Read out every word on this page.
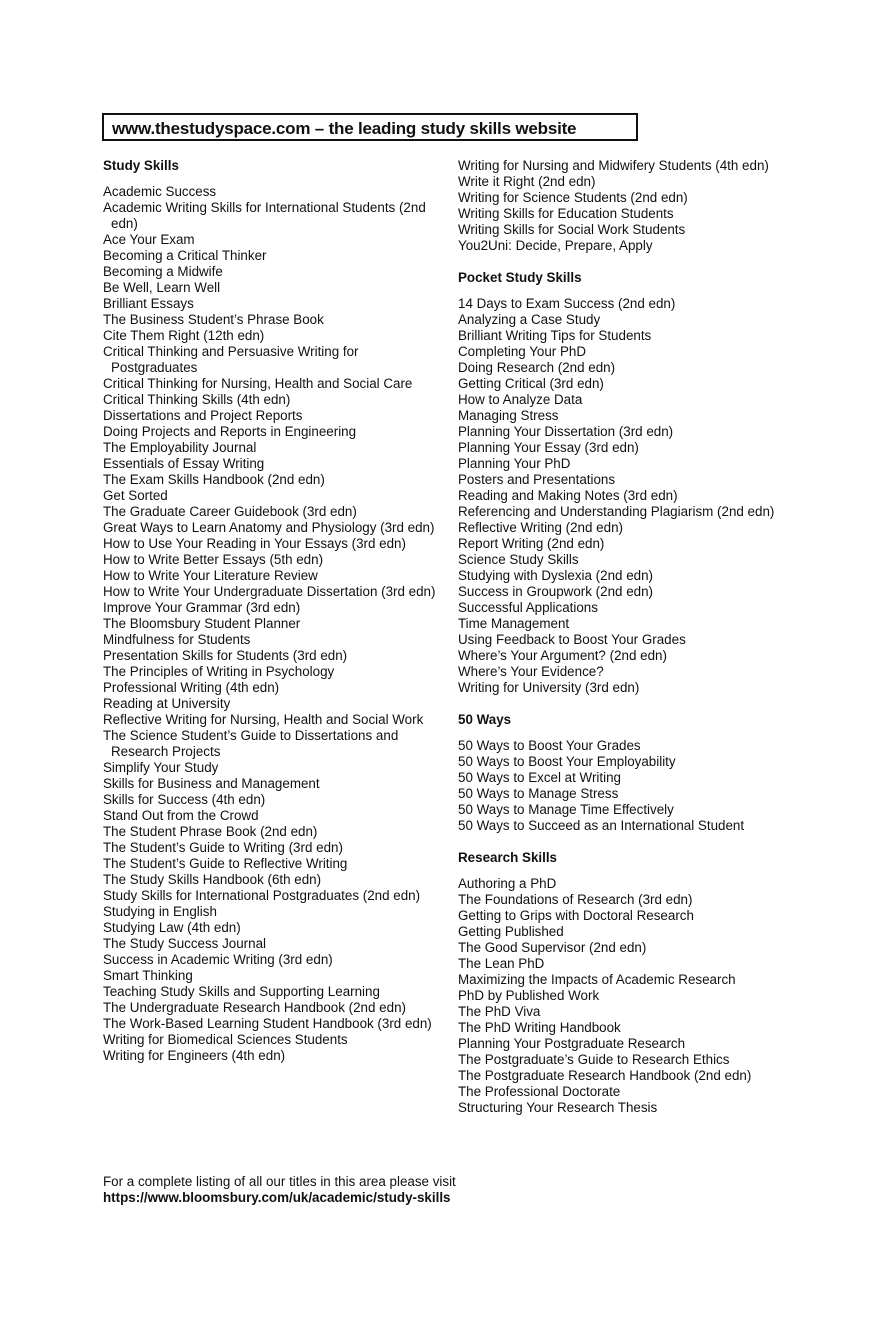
www.thestudyspace.com – the leading study skills website
Study Skills
Academic Success
Academic Writing Skills for International Students (2nd edn)
Ace Your Exam
Becoming a Critical Thinker
Becoming a Midwife
Be Well, Learn Well
Brilliant Essays
The Business Student’s Phrase Book
Cite Them Right (12th edn)
Critical Thinking and Persuasive Writing for Postgraduates
Critical Thinking for Nursing, Health and Social Care
Critical Thinking Skills (4th edn)
Dissertations and Project Reports
Doing Projects and Reports in Engineering
The Employability Journal
Essentials of Essay Writing
The Exam Skills Handbook (2nd edn)
Get Sorted
The Graduate Career Guidebook (3rd edn)
Great Ways to Learn Anatomy and Physiology (3rd edn)
How to Use Your Reading in Your Essays (3rd edn)
How to Write Better Essays (5th edn)
How to Write Your Literature Review
How to Write Your Undergraduate Dissertation (3rd edn)
Improve Your Grammar (3rd edn)
The Bloomsbury Student Planner
Mindfulness for Students
Presentation Skills for Students (3rd edn)
The Principles of Writing in Psychology
Professional Writing (4th edn)
Reading at University
Reflective Writing for Nursing, Health and Social Work
The Science Student’s Guide to Dissertations and Research Projects
Simplify Your Study
Skills for Business and Management
Skills for Success (4th edn)
Stand Out from the Crowd
The Student Phrase Book (2nd edn)
The Student’s Guide to Writing (3rd edn)
The Student’s Guide to Reflective Writing
The Study Skills Handbook (6th edn)
Study Skills for International Postgraduates (2nd edn)
Studying in English
Studying Law (4th edn)
The Study Success Journal
Success in Academic Writing (3rd edn)
Smart Thinking
Teaching Study Skills and Supporting Learning
The Undergraduate Research Handbook (2nd edn)
The Work-Based Learning Student Handbook (3rd edn)
Writing for Biomedical Sciences Students
Writing for Engineers (4th edn)
Writing for Nursing and Midwifery Students (4th edn)
Write it Right (2nd edn)
Writing for Science Students (2nd edn)
Writing Skills for Education Students
Writing Skills for Social Work Students
You2Uni: Decide, Prepare, Apply
Pocket Study Skills
14 Days to Exam Success (2nd edn)
Analyzing a Case Study
Brilliant Writing Tips for Students
Completing Your PhD
Doing Research (2nd edn)
Getting Critical (3rd edn)
How to Analyze Data
Managing Stress
Planning Your Dissertation (3rd edn)
Planning Your Essay (3rd edn)
Planning Your PhD
Posters and Presentations
Reading and Making Notes (3rd edn)
Referencing and Understanding Plagiarism (2nd edn)
Reflective Writing (2nd edn)
Report Writing (2nd edn)
Science Study Skills
Studying with Dyslexia (2nd edn)
Success in Groupwork (2nd edn)
Successful Applications
Time Management
Using Feedback to Boost Your Grades
Where’s Your Argument? (2nd edn)
Where’s Your Evidence?
Writing for University (3rd edn)
50 Ways
50 Ways to Boost Your Grades
50 Ways to Boost Your Employability
50 Ways to Excel at Writing
50 Ways to Manage Stress
50 Ways to Manage Time Effectively
50 Ways to Succeed as an International Student
Research Skills
Authoring a PhD
The Foundations of Research (3rd edn)
Getting to Grips with Doctoral Research
Getting Published
The Good Supervisor (2nd edn)
The Lean PhD
Maximizing the Impacts of Academic Research
PhD by Published Work
The PhD Viva
The PhD Writing Handbook
Planning Your Postgraduate Research
The Postgraduate’s Guide to Research Ethics
The Postgraduate Research Handbook (2nd edn)
The Professional Doctorate
Structuring Your Research Thesis
For a complete listing of all our titles in this area please visit
https://www.bloomsbury.com/uk/academic/study-skills
